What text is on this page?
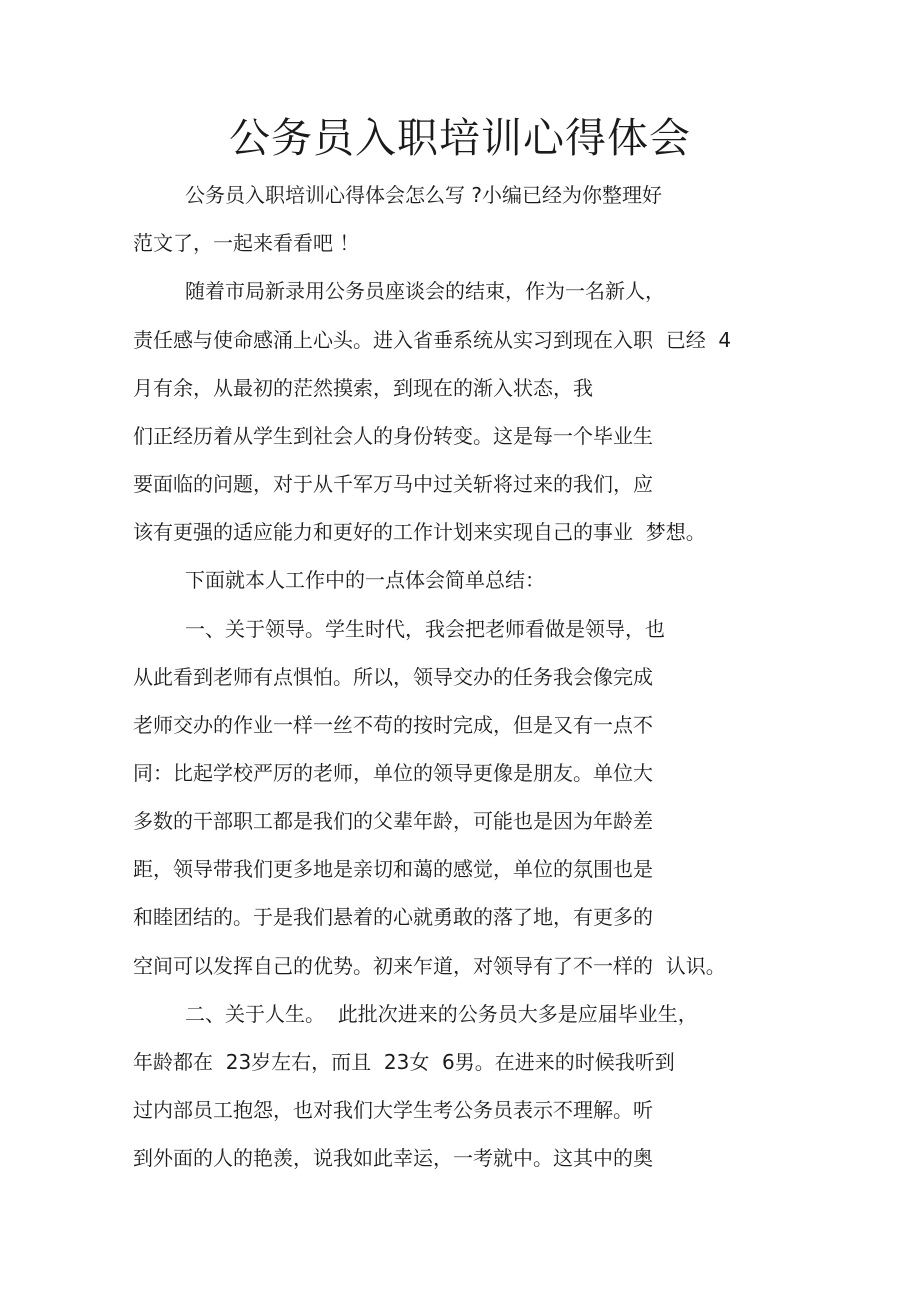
公务员入职培训心得体会

公务员入职培训心得体会怎么写 ?小编已经为你整理好

范文了，一起来看看吧 ！

随着市局新录用公务员座谈会的结束，作为一名新人，

责任感与使命感涌上心头。进入省垂系统从实习到现在入职  已经  4

月有余，从最初的茫然摸索，到现在的渐入状态，我

们正经历着从学生到社会人的身份转变。这是每一个毕业生

要面临的问题，对于从千军万马中过关斩将过来的我们，应

该有更强的适应能力和更好的工作计划来实现自己的事业  梦想。

下面就本人工作中的一点体会简单总结：

一、关于领导。学生时代，我会把老师看做是领导，也

从此看到老师有点惧怕。所以，领导交办的任务我会像完成

老师交办的作业一样一丝不苟的按时完成，但是又有一点不

同：比起学校严厉的老师，单位的领导更像是朋友。单位大

多数的干部职工都是我们的父辈年龄，可能也是因为年龄差

距，领导带我们更多地是亲切和蔼的感觉，单位的氛围也是

和睦团结的。于是我们悬着的心就勇敢的落了地，有更多的

空间可以发挥自己的优势。初来乍道，对领导有了不一样的  认识。

二、关于人生。  此批次进来的公务员大多是应届毕业生，

年龄都在  23岁左右，而且  23女  6男。在进来的时候我听到

过内部员工抱怨，也对我们大学生考公务员表示不理解。听

到外面的人的艳羡，说我如此幸运，一考就中。这其中的奥
